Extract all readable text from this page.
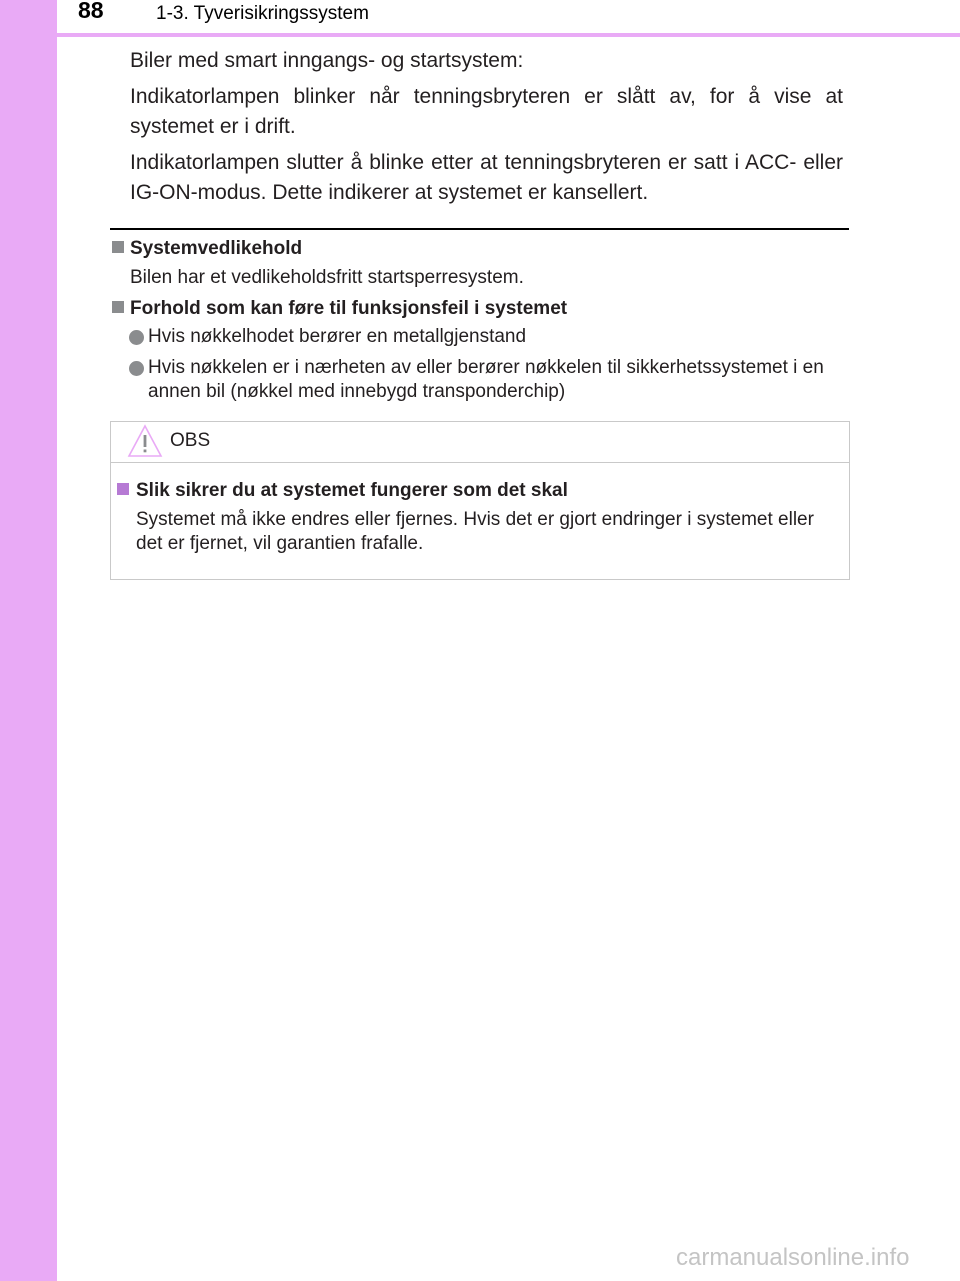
88	1-3. Tyverisikringssystem
Biler med smart inngangs- og startsystem:
Indikatorlampen blinker når tenningsbryteren er slått av, for å vise at systemet er i drift.
Indikatorlampen slutter å blinke etter at tenningsbryteren er satt i ACC- eller IG-ON-modus. Dette indikerer at systemet er kansellert.
Systemvedlikehold
Bilen har et vedlikeholdsfritt startsperresystem.
Forhold som kan føre til funksjonsfeil i systemet
Hvis nøkkelhodet berører en metallgjenstand
Hvis nøkkelen er i nærheten av eller berører nøkkelen til sikkerhetssystemet i en annen bil (nøkkel med innebygd transponderchip)
OBS
Slik sikrer du at systemet fungerer som det skal
Systemet må ikke endres eller fjernes. Hvis det er gjort endringer i systemet eller det er fjernet, vil garantien frafalle.
carmanualsonline.info
